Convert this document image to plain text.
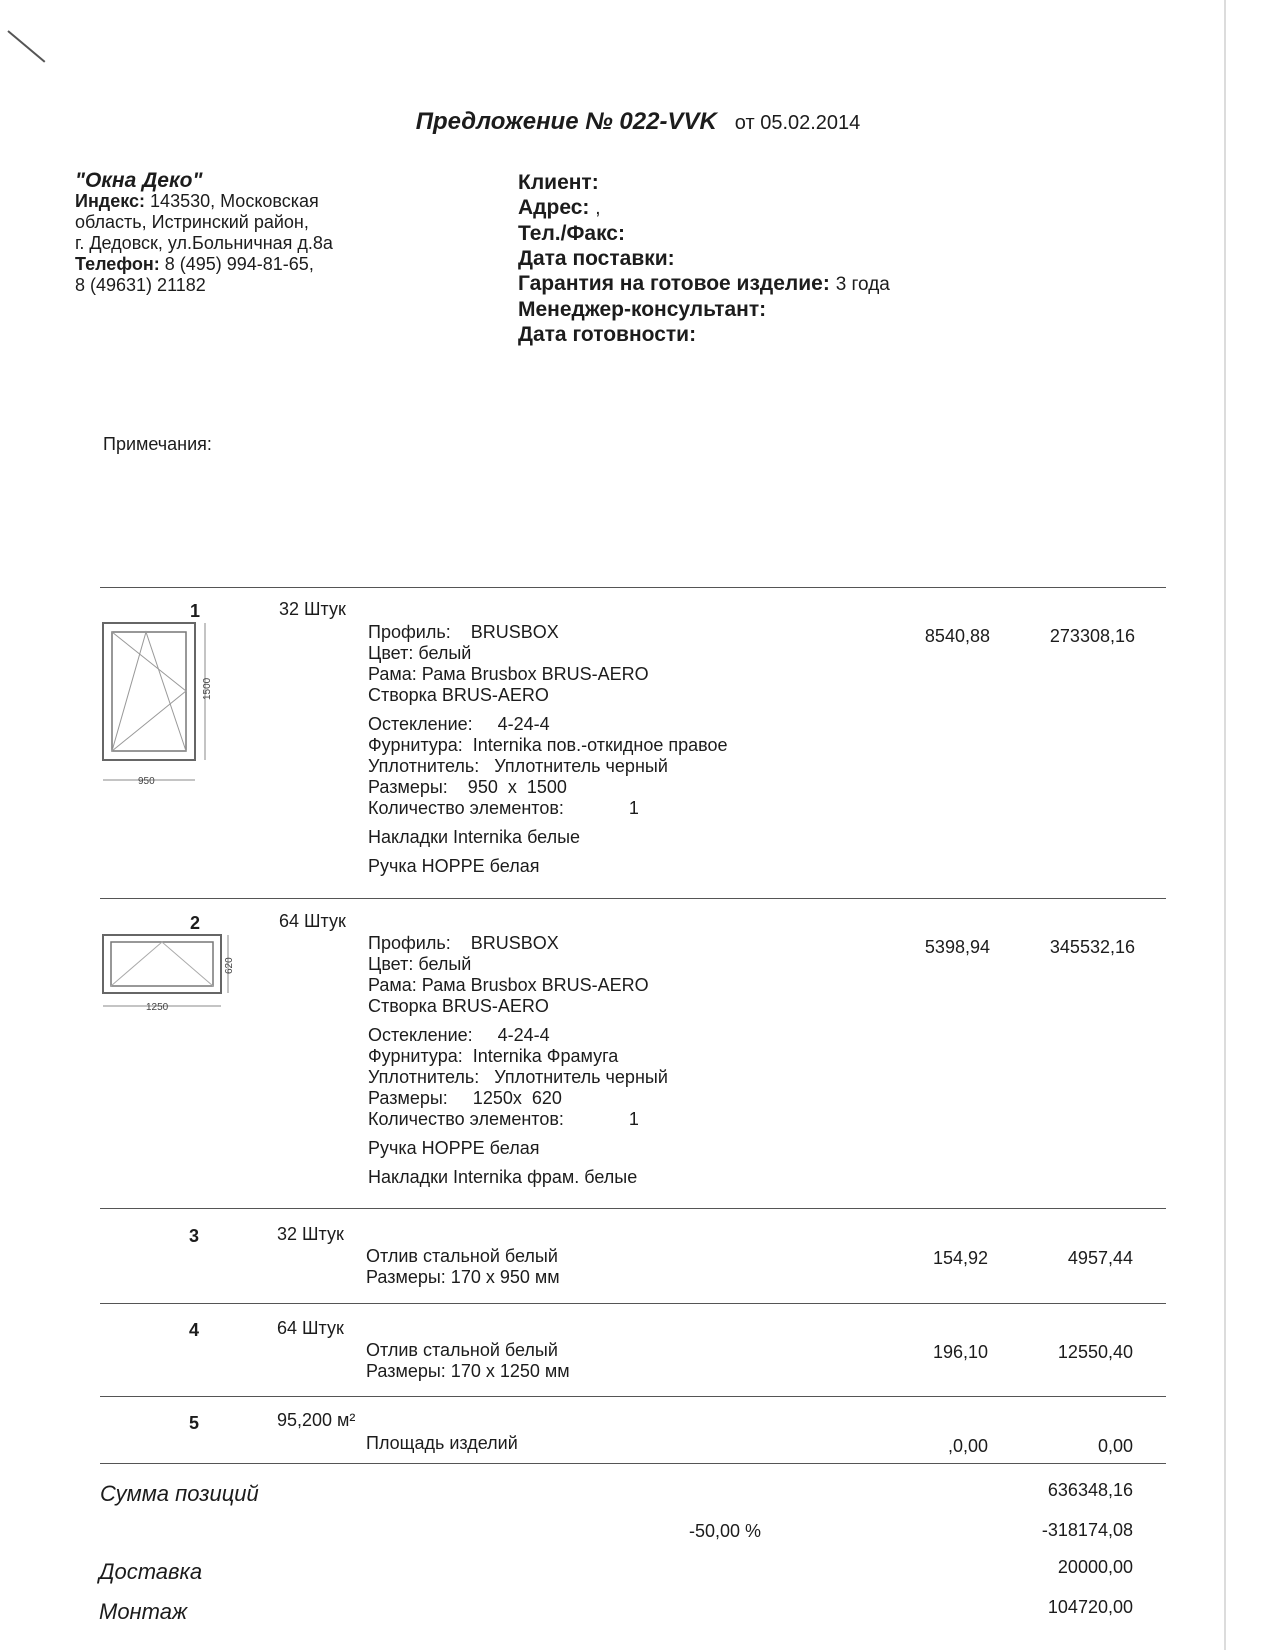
Предложение № 022-VVK от 05.02.2014
"Окна Деко"
Индекс: 143530, Московская
область, Истринский район,
г. Дедовск, ул.Больничная д.8а
Телефон: 8 (495) 994-81-65,
8 (49631) 21182
Клиент:
Адрес: ,
Тел./Факс:
Дата поставки:
Гарантия на готовое изделие: 3 года
Менеджер-консультант:
Дата готовности:
Примечания:
1	32 Штук
1500
950
Профиль:    BRUSBOX
Цвет: белый
Рама: Рама Brusbox BRUS-AERO
Створка BRUS-AERO
Остекление:     4-24-4
Фурнитура:  Internika пов.-откидное правое
Уплотнитель:   Уплотнитель черный
Размеры:    950  x  1500
Количество элементов:             1
Накладки Internika белые
Ручка HOPPE белая
8540,88	273308,16
2	64 Штук
620
1250
Профиль:    BRUSBOX
Цвет: белый
Рама: Рама Brusbox BRUS-AERO
Створка BRUS-AERO
Остекление:     4-24-4
Фурнитура:  Internika Фрамуга
Уплотнитель:   Уплотнитель черный
Размеры:     1250x  620
Количество элементов:             1
Ручка HOPPE белая
Накладки Internika фрам. белые
5398,94	345532,16
3	32 Штук
Отлив стальной белый
Размеры: 170 x 950 мм
154,92	4957,44
4	64 Штук
Отлив стальной белый
Размеры: 170 x 1250 мм
196,10	12550,40
5	95,200 м²
Площадь изделий	,0,00	0,00
Сумма позиций	636348,16
-50,00 %	-318174,08
Доставка	20000,00
Монтаж	104720,00
